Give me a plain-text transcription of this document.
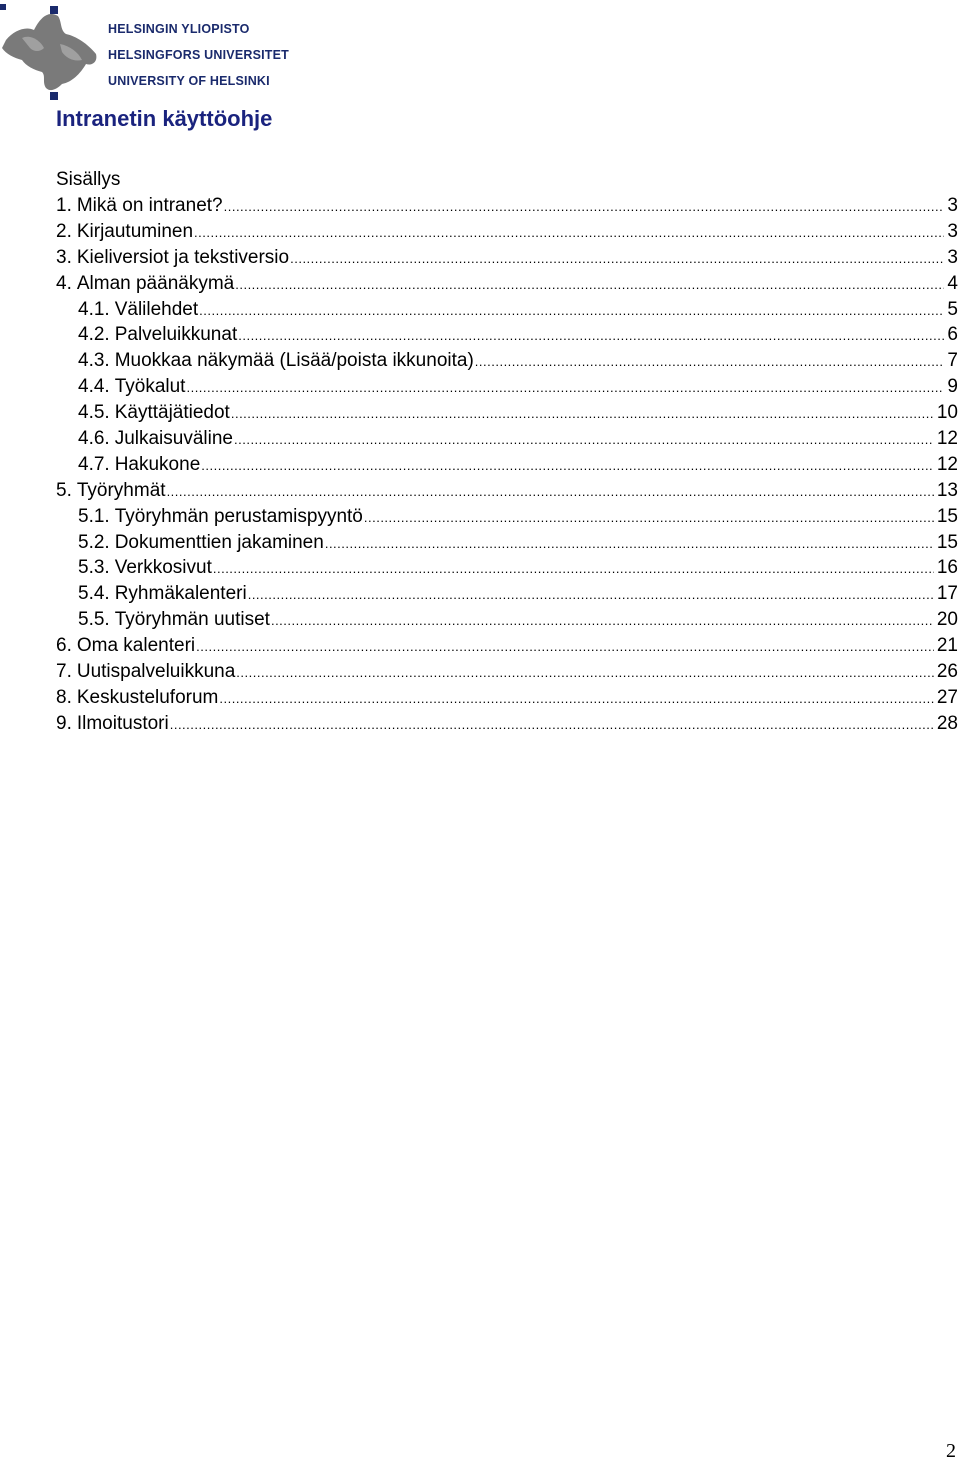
HELSINGIN YLIOPISTO
HELSINGFORS UNIVERSITET
UNIVERSITY OF HELSINKI
Intranetin käyttöohje
Sisällys
1. Mikä on intranet? .....	3
2. Kirjautuminen .....	3
3. Kieliversiot ja tekstiversio .....	3
4. Alman päänäkymä .....	4
4.1. Välilehdet .....	5
4.2. Palveluikkunat .....	6
4.3. Muokkaa näkymää (Lisää/poista ikkunoita) .....	7
4.4. Työkalut .....	9
4.5. Käyttäjätiedot .....	10
4.6. Julkaisuväline .....	12
4.7. Hakukone .....	12
5. Työryhmät .....	13
5.1. Työryhmän perustamispyyntö .....	15
5.2. Dokumenttien jakaminen .....	15
5.3. Verkkosivut .....	16
5.4. Ryhmäkalenteri .....	17
5.5. Työryhmän uutiset .....	20
6. Oma kalenteri .....	21
7. Uutispalveluikkuna .....	26
8. Keskusteluforum .....	27
9. Ilmoitustori .....	28
2
